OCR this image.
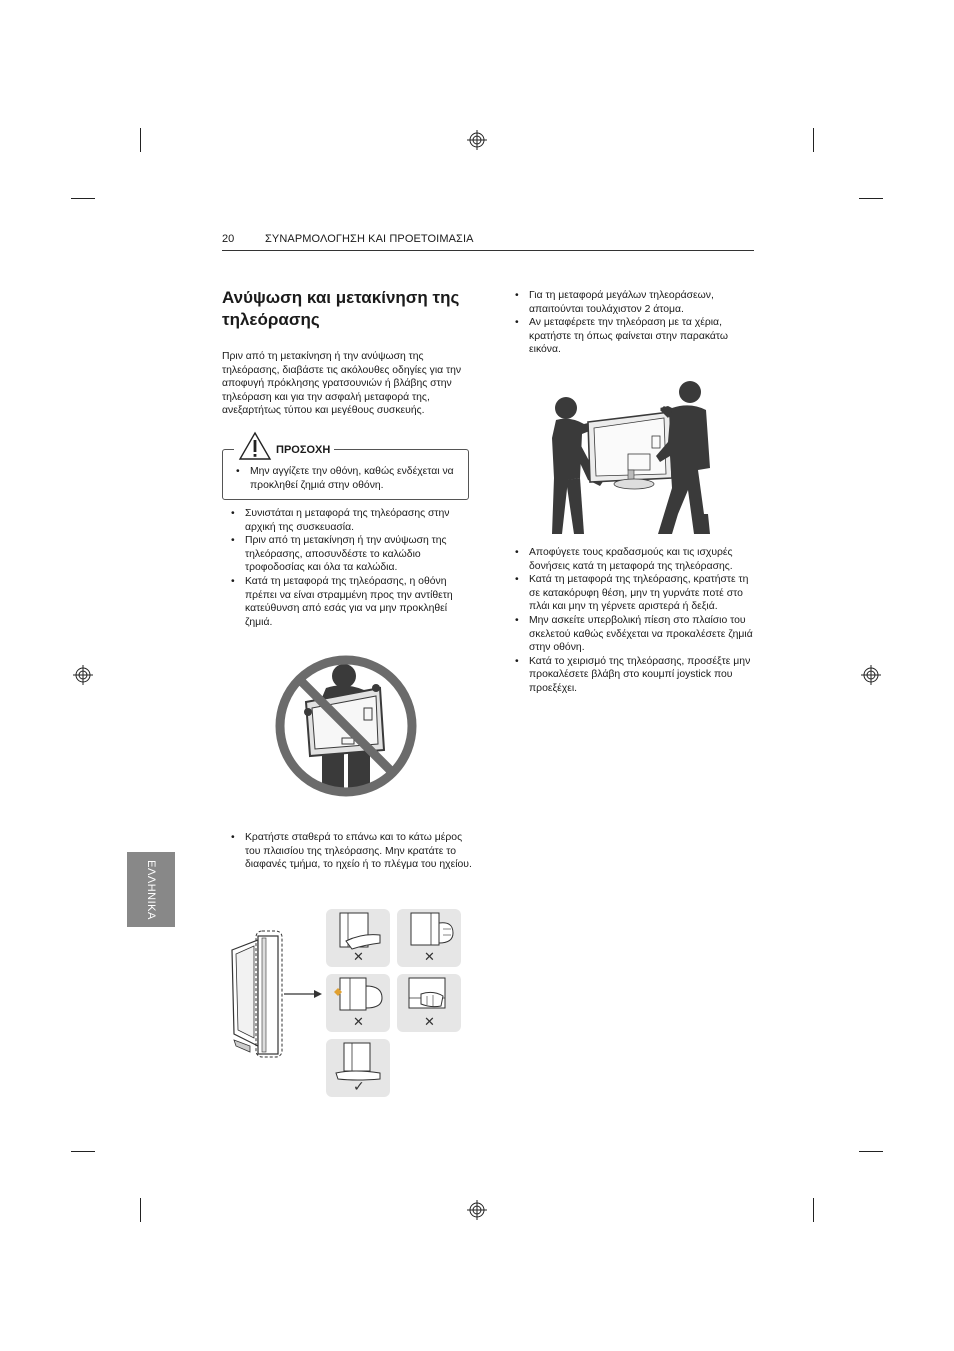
20	ΣΥΝΑΡΜΟΛΟΓΗΣΗ ΚΑΙ ΠΡΟΕΤΟΙΜΑΣΙΑ
Ανύψωση και μετακίνηση της τηλεόρασης

Πριν από τη μετακίνηση ή την ανύψωση της τηλεόρασης, διαβάστε τις ακόλουθες οδηγίες για την αποφυγή πρόκλησης γρατσουνιών ή βλάβης στην τηλεόραση και για την ασφαλή μεταφορά της, ανεξαρτήτως τύπου και μεγέθους συσκευής.

ΠΡΟΣΟΧΗ
• Μην αγγίζετε την οθόνη, καθώς ενδέχεται να προκληθεί ζημιά στην οθόνη.
• Συνιστάται η μεταφορά της τηλεόρασης στην αρχική της συσκευασία.
• Πριν από τη μετακίνηση ή την ανύψωση της τηλεόρασης, αποσυνδέστε το καλώδιο τροφοδοσίας και όλα τα καλώδια.
• Κατά τη μεταφορά της τηλεόρασης, η οθόνη πρέπει να είναι στραμμένη προς την αντίθετη κατεύθυνση από εσάς για να μην προκληθεί ζημιά.
• Κρατήστε σταθερά το επάνω και το κάτω μέρος του πλαισίου της τηλεόρασης. Μην κρατάτε το διαφανές τμήμα, το ηχείο ή το πλέγμα του ηχείου.
✕	✕
✕	✕
✓
• Για τη μεταφορά μεγάλων τηλεοράσεων, απαιτούνται τουλάχιστον 2 άτομα.
• Αν μεταφέρετε την τηλεόραση με τα χέρια, κρατήστε τη όπως φαίνεται στην παρακάτω εικόνα.
• Αποφύγετε τους κραδασμούς και τις ισχυρές δονήσεις κατά τη μεταφορά της τηλεόρασης.
• Κατά τη μεταφορά της τηλεόρασης, κρατήστε τη σε κατακόρυφη θέση, μην τη γυρνάτε ποτέ στο πλάι και μην τη γέρνετε αριστερά ή δεξιά.
• Μην ασκείτε υπερβολική πίεση στο πλαίσιο του σκελετού καθώς ενδέχεται να προκαλέσετε ζημιά στην οθόνη.
• Κατά το χειρισμό της τηλεόρασης, προσέξτε μην προκαλέσετε βλάβη στο κουμπί joystick που προεξέχει.
ΕΛΛΗΝΙΚΑ
